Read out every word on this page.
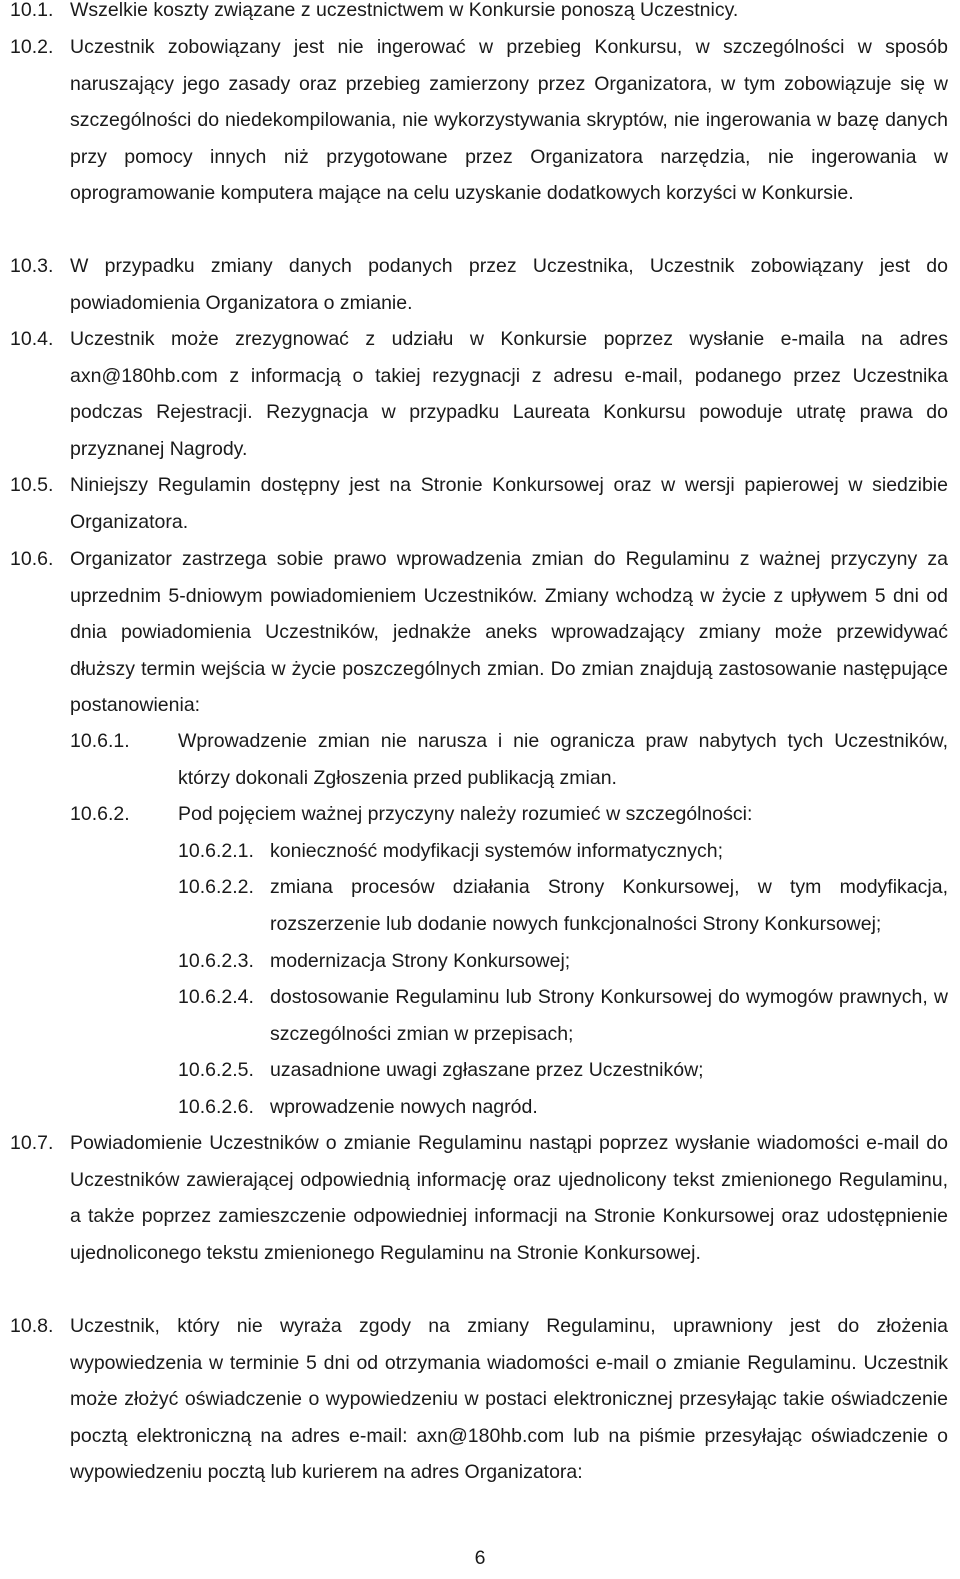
10.1. Wszelkie koszty związane z uczestnictwem w Konkursie ponoszą Uczestnicy.
10.2. Uczestnik zobowiązany jest nie ingerować w przebieg Konkursu, w szczególności w sposób naruszający jego zasady oraz przebieg zamierzony przez Organizatora, w tym zobowiązuje się w szczególności do niedekompilowania, nie wykorzystywania skryptów, nie ingerowania w bazę danych przy pomocy innych niż przygotowane przez Organizatora narzędzia, nie ingerowania w oprogramowanie komputera mające na celu uzyskanie dodatkowych korzyści w Konkursie.
10.3. W przypadku zmiany danych podanych przez Uczestnika, Uczestnik zobowiązany jest do powiadomienia Organizatora o zmianie.
10.4. Uczestnik może zrezygnować z udziału w Konkursie poprzez wysłanie e-maila na adres axn@180hb.com z informacją o takiej rezygnacji z adresu e-mail, podanego przez Uczestnika podczas Rejestracji. Rezygnacja w przypadku Laureata Konkursu powoduje utratę prawa do przyznanej Nagrody.
10.5. Niniejszy Regulamin dostępny jest na Stronie Konkursowej oraz w wersji papierowej w siedzibie Organizatora.
10.6. Organizator zastrzega sobie prawo wprowadzenia zmian do Regulaminu z ważnej przyczyny za uprzednim 5-dniowym powiadomieniem Uczestników. Zmiany wchodzą w życie z upływem 5 dni od dnia powiadomienia Uczestników, jednakże aneks wprowadzający zmiany może przewidywać dłuższy termin wejścia w życie poszczególnych zmian. Do zmian znajdują zastosowanie następujące postanowienia:
10.6.1. Wprowadzenie zmian nie narusza i nie ogranicza praw nabytych tych Uczestników, którzy dokonali Zgłoszenia przed publikacją zmian.
10.6.2. Pod pojęciem ważnej przyczyny należy rozumieć w szczególności:
10.6.2.1. konieczność modyfikacji systemów informatycznych;
10.6.2.2. zmiana procesów działania Strony Konkursowej, w tym modyfikacja, rozszerzenie lub dodanie nowych funkcjonalności Strony Konkursowej;
10.6.2.3. modernizacja Strony Konkursowej;
10.6.2.4. dostosowanie Regulaminu lub Strony Konkursowej do wymogów prawnych, w szczególności zmian w przepisach;
10.6.2.5. uzasadnione uwagi zgłaszane przez Uczestników;
10.6.2.6. wprowadzenie nowych nagród.
10.7. Powiadomienie Uczestników o zmianie Regulaminu nastąpi poprzez wysłanie wiadomości e-mail do Uczestników zawierającej odpowiednią informację oraz ujednolicony tekst zmienionego Regulaminu, a także poprzez zamieszczenie odpowiedniej informacji na Stronie Konkursowej oraz udostępnienie ujednoliconego tekstu zmienionego Regulaminu na Stronie Konkursowej.
10.8. Uczestnik, który nie wyraża zgody na zmiany Regulaminu, uprawniony jest do złożenia wypowiedzenia w terminie 5 dni od otrzymania wiadomości e-mail o zmianie Regulaminu. Uczestnik może złożyć oświadczenie o wypowiedzeniu w postaci elektronicznej przesyłając takie oświadczenie pocztą elektroniczną na adres e-mail: axn@180hb.com lub na piśmie przesyłając oświadczenie o wypowiedzeniu pocztą lub kurierem na adres Organizatora:
6
